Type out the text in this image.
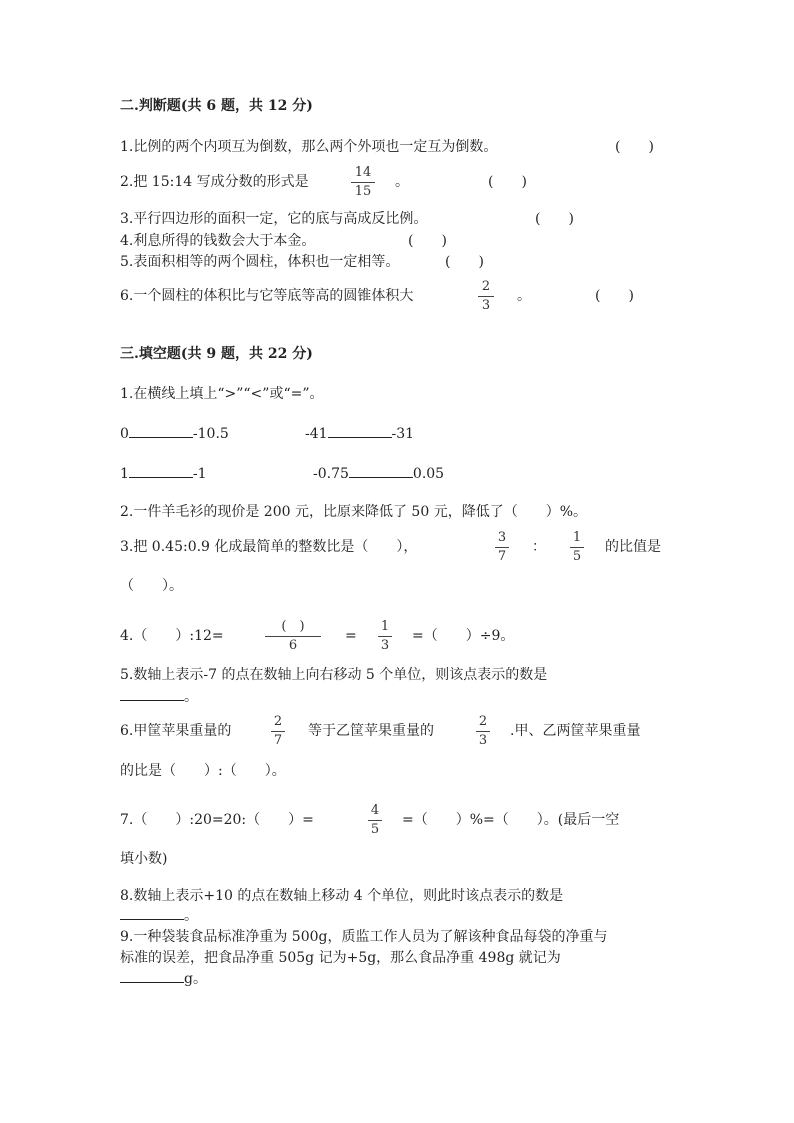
二.判断题(共 6 题，共 12 分)
1.比例的两个内项互为倒数，那么两个外项也一定互为倒数。	(　　)
2.把 15:14 写成分数的形式是
14
15
。	(　　)
3.平行四边形的面积一定，它的底与高成反比例。	(　　)
4.利息所得的钱数会大于本金。	(　　)
5.表面积相等的两个圆柱，体积也一定相等。	(　　)
6.一个圆柱的体积比与它等底等高的圆锥体积大
2
3
。	(　　)
三.填空题(共 9 题，共 22 分)
1.在横线上填上“>”“<”或“=”。
0	-10.5	-41	-31
1	-1	-0.75	0.05
2.一件羊毛衫的现价是 200 元，比原来降低了 50 元，降低了（　　）%。
3.把 0.45:0.9 化成最简单的整数比是（　　），
3
7
：
1
5
的比值是
（　　）。
4.（　　）:12=
(　)
6
=
1
3
=（　　）÷9。
5.数轴上表示-7 的点在数轴上向右移动 5 个单位，则该点表示的数是
。
6.甲筐苹果重量的
2
7
等于乙筐苹果重量的
2
3
.甲、乙两筐苹果重量
的比是（　　）:（　　）。
7.（　　）:20=20:（　　）=
4
5
=（　　）%=（　　）。(最后一空
填小数)
8.数轴上表示+10 的点在数轴上移动 4 个单位，则此时该点表示的数是
。
9.一种袋装食品标准净重为 500g，质监工作人员为了解该种食品每袋的净重与
标准的误差，把食品净重 505g 记为+5g，那么食品净重 498g 就记为
g。
